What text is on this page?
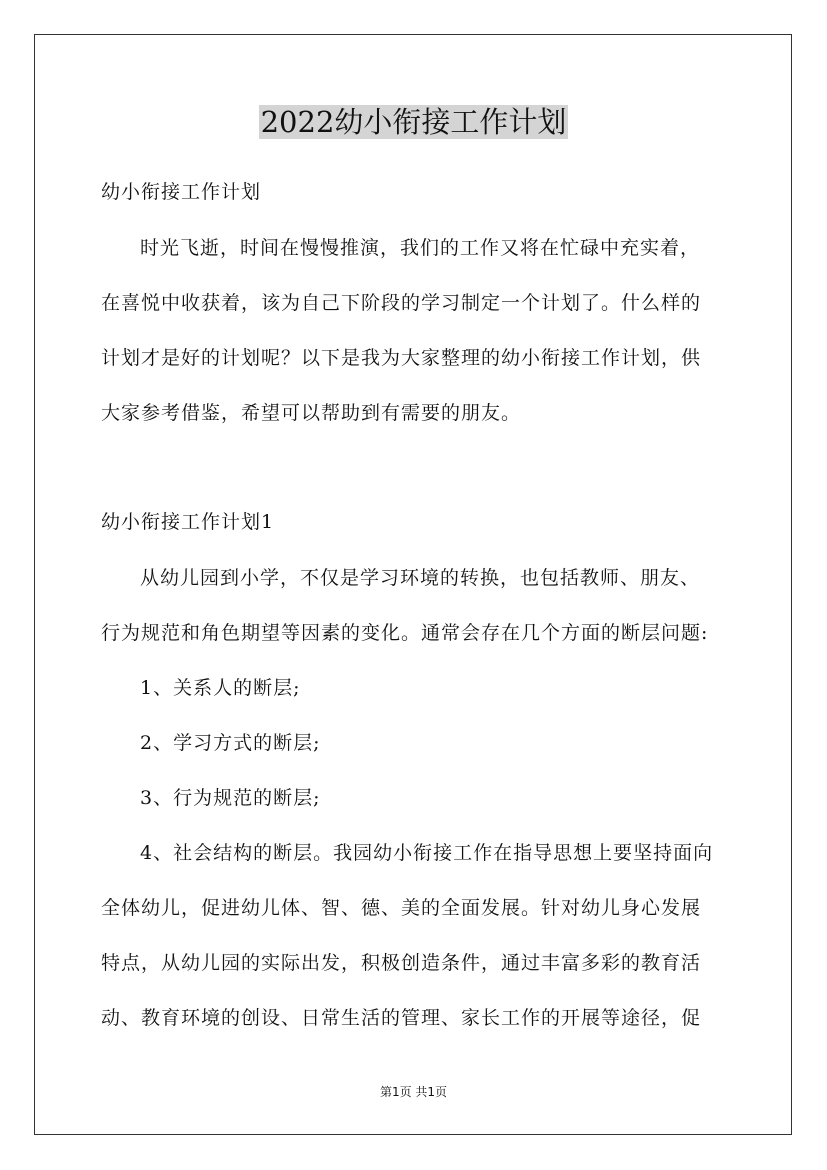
2022幼小衔接工作计划

幼小衔接工作计划

时光飞逝，时间在慢慢推演，我们的工作又将在忙碌中充实着，

在喜悦中收获着，该为自己下阶段的学习制定一个计划了。什么样的

计划才是好的计划呢？以下是我为大家整理的幼小衔接工作计划，供

大家参考借鉴，希望可以帮助到有需要的朋友。

幼小衔接工作计划1

从幼儿园到小学，不仅是学习环境的转换，也包括教师、朋友、

行为规范和角色期望等因素的变化。通常会存在几个方面的断层问题:

1、关系人的断层;

2、学习方式的断层;

3、行为规范的断层;

4、社会结构的断层。我园幼小衔接工作在指导思想上要坚持面向

全体幼儿，促进幼儿体、智、德、美的全面发展。针对幼儿身心发展

特点，从幼儿园的实际出发，积极创造条件，通过丰富多彩的教育活

动、教育环境的创设、日常生活的管理、家长工作的开展等途径，促

第1页 共1页
